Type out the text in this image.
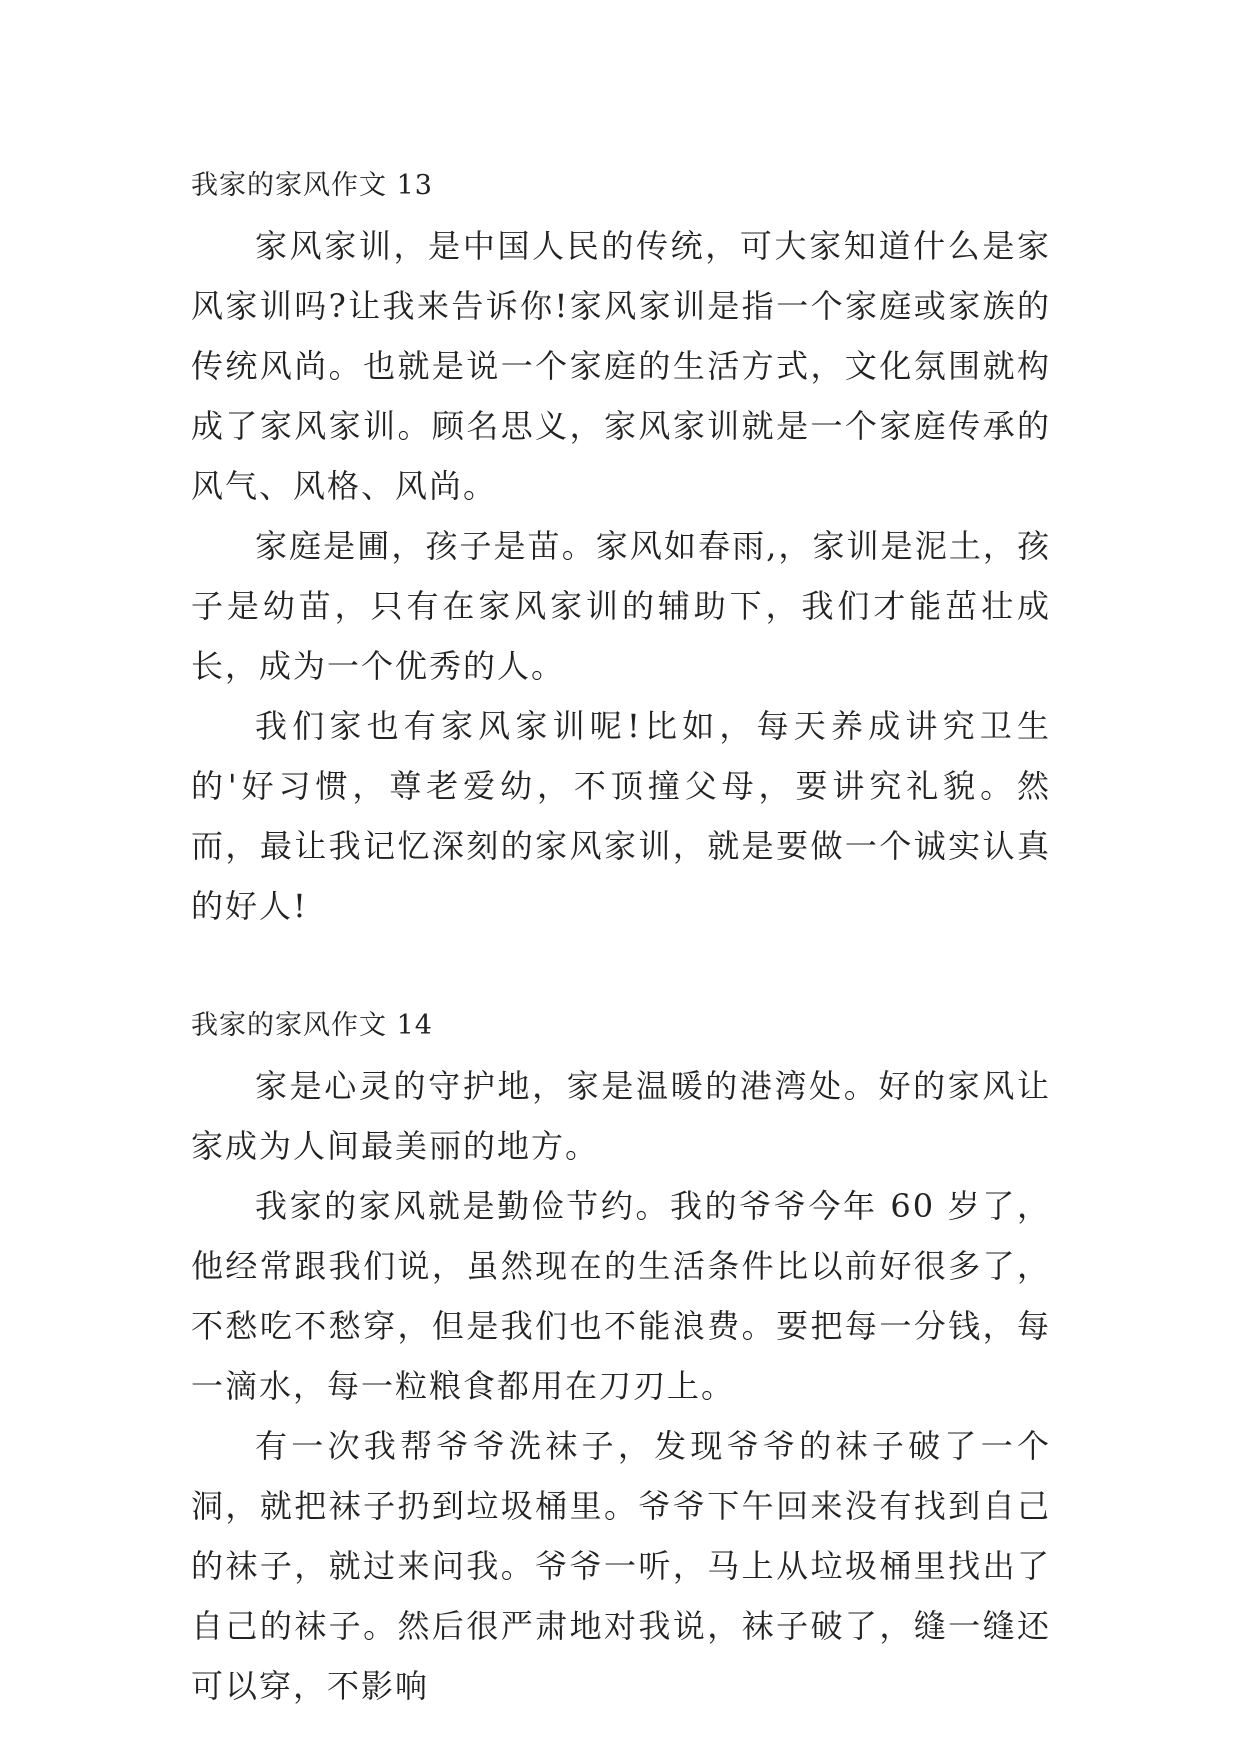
我家的家风作文 13

家风家训，是中国人民的传统，可大家知道什么是家风家训吗?让我来告诉你!家风家训是指一个家庭或家族的传统风尚。也就是说一个家庭的生活方式，文化氛围就构成了家风家训。顾名思义，家风家训就是一个家庭传承的风气、风格、风尚。

家庭是圃，孩子是苗。家风如春雨,，家训是泥土，孩子是幼苗，只有在家风家训的辅助下，我们才能茁壮成长，成为一个优秀的人。

我们家也有家风家训呢!比如，每天养成讲究卫生的'好习惯，尊老爱幼，不顶撞父母，要讲究礼貌。然而，最让我记忆深刻的家风家训，就是要做一个诚实认真的好人!

我家的家风作文 14

家是心灵的守护地，家是温暖的港湾处。好的家风让家成为人间最美丽的地方。

我家的家风就是勤俭节约。我的爷爷今年 60 岁了，他经常跟我们说，虽然现在的生活条件比以前好很多了，不愁吃不愁穿，但是我们也不能浪费。要把每一分钱，每一滴水，每一粒粮食都用在刀刃上。

有一次我帮爷爷洗袜子，发现爷爷的袜子破了一个洞，就把袜子扔到垃圾桶里。爷爷下午回来没有找到自己的袜子，就过来问我。爷爷一听，马上从垃圾桶里找出了自己的袜子。然后很严肃地对我说，袜子破了，缝一缝还可以穿，不影响
